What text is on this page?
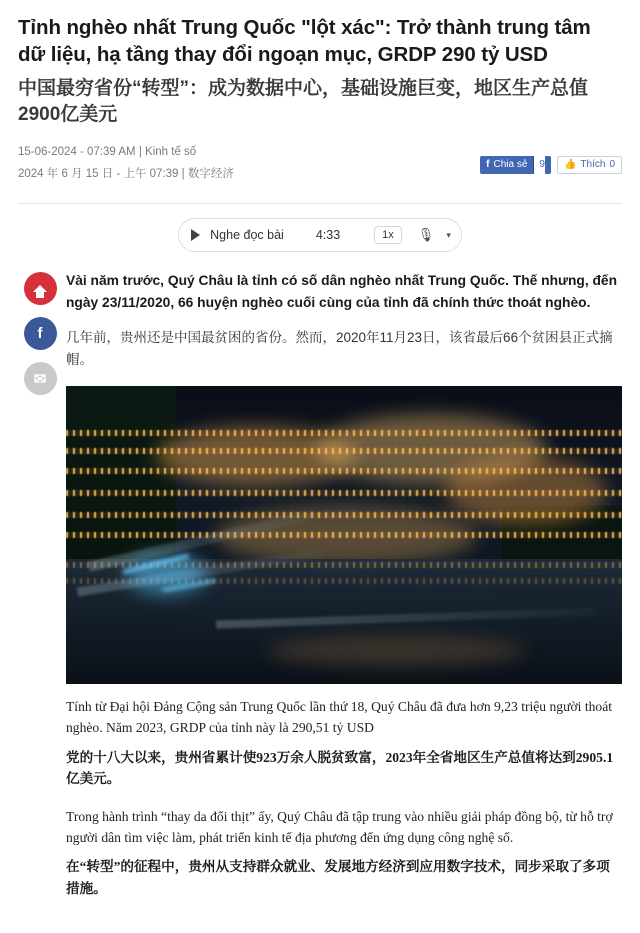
Tỉnh nghèo nhất Trung Quốc "lột xác": Trở thành trung tâm dữ liệu, hạ tầng thay đổi ngoạn mục, GRDP 290 tỷ USD
中国最穷省份“转型”：成为数据中心，基础设施巨变，地区生产总值2900亿美元
15-06-2024 - 07:39 AM | Kinh tế số
2024 年 6 月 15 日 - 上午 07:39 | 数字经济
f Chia sẻ	9 👍 Thích 0
Nghe đọc bài	4:33	1x	🎙 ▾
f
✉

Vài năm trước, Quý Châu là tỉnh có số dân nghèo nhất Trung Quốc. Thế nhưng, đến ngày 23/11/2020, 66 huyện nghèo cuối cùng của tỉnh đã chính thức thoát nghèo.

几年前，贵州还是中国最贫困的省份。然而，2020年11月23日，该省最后66个贫困县正式摘帽。

Tính từ Đại hội Đảng Cộng sản Trung Quốc lần thứ 18, Quý Châu đã đưa hơn 9,23 triệu người thoát nghèo. Năm 2023, GRDP của tỉnh này là 290,51 tỷ USD

党的十八大以来，贵州省累计使923万余人脱贫致富，2023年全省地区生产总值将达到2905.1亿美元。

Trong hành trình “thay da đổi thịt” ấy, Quý Châu đã tập trung vào nhiều giải pháp đồng bộ, từ hỗ trợ người dân tìm việc làm, phát triển kinh tế địa phương đến ứng dụng công nghệ số.

在“转型”的征程中，贵州从支持群众就业、发展地方经济到应用数字技术，同步采取了多项措施。
